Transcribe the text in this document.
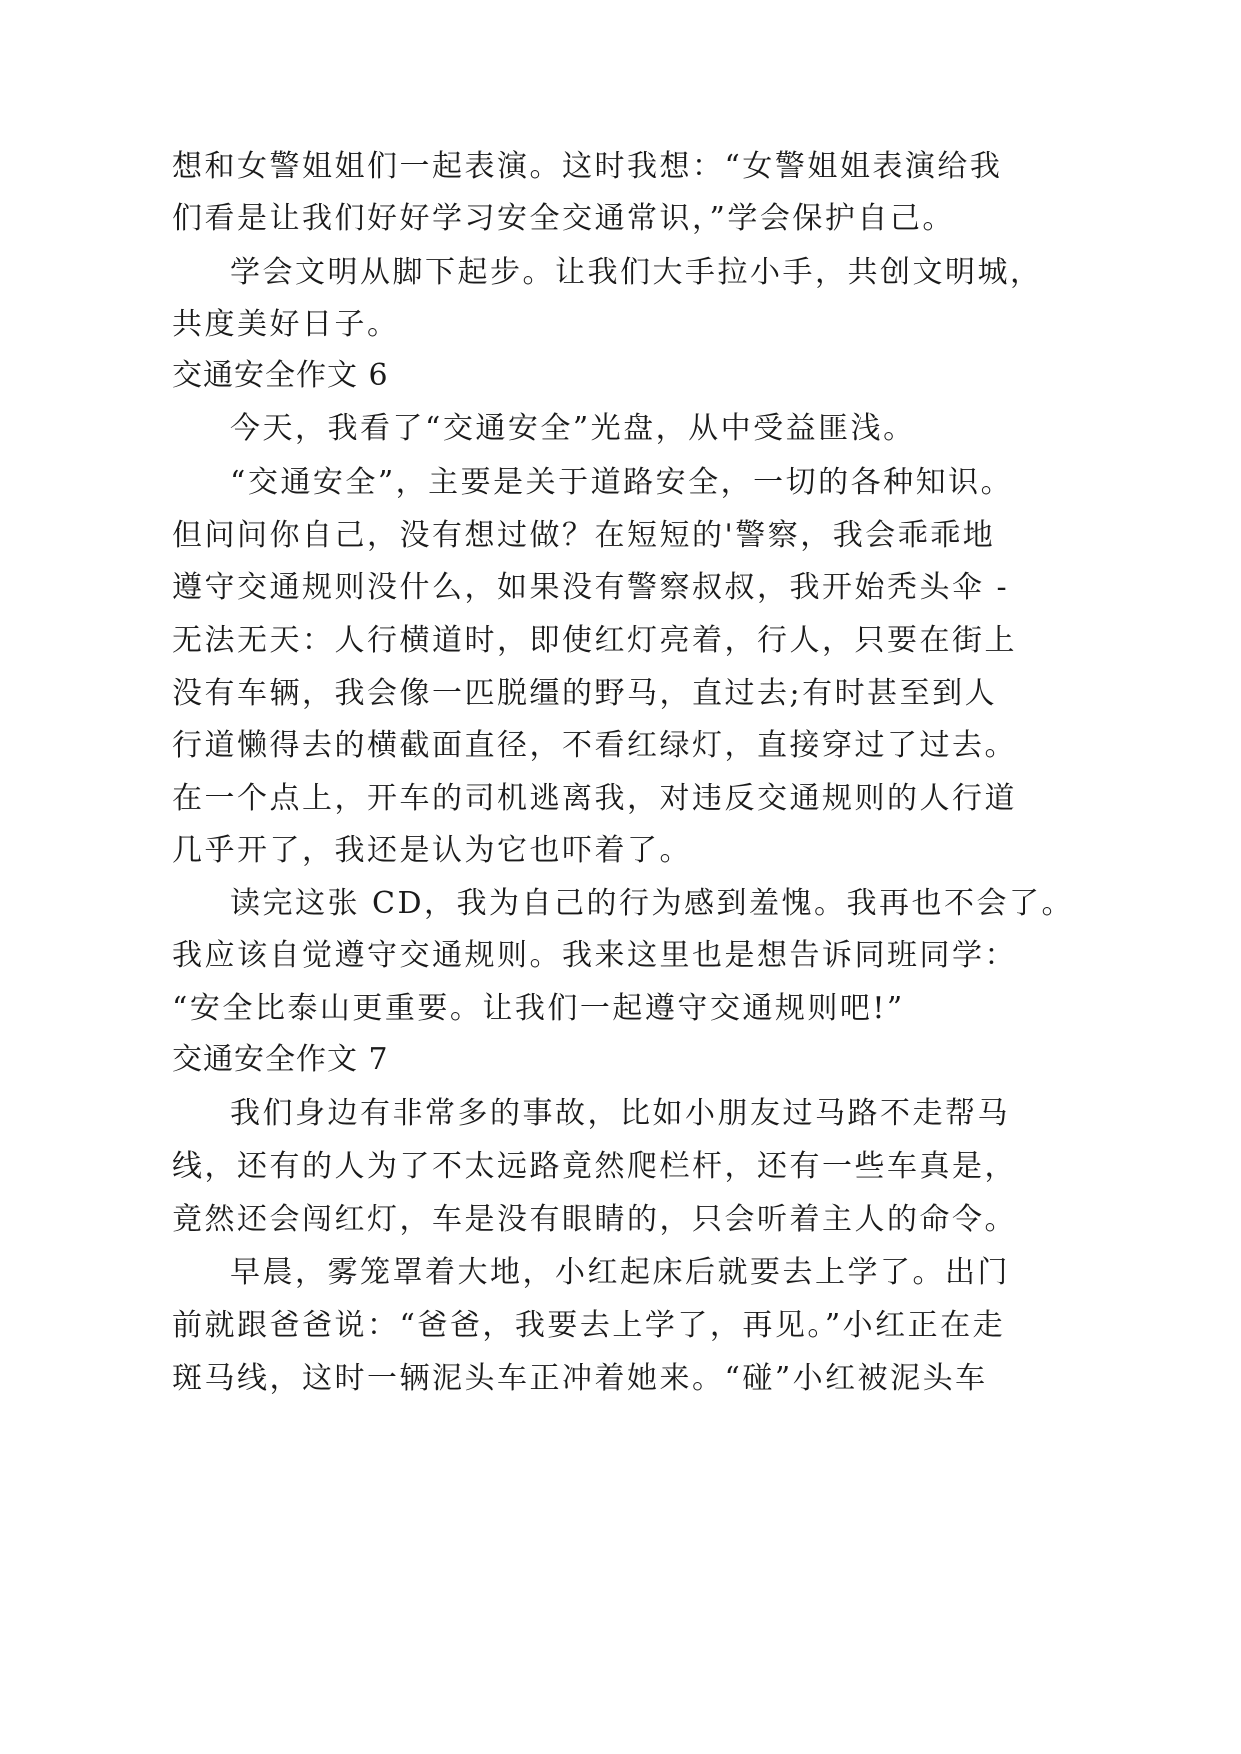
想和女警姐姐们一起表演。这时我想：“女警姐姐表演给我
们看是让我们好好学习安全交通常识，”学会保护自己。
学会文明从脚下起步。让我们大手拉小手，共创文明城，
共度美好日子。
交通安全作文 6
今天，我看了“交通安全”光盘，从中受益匪浅。
“交通安全”，主要是关于道路安全，一切的各种知识。
但问问你自己，没有想过做？在短短的'警察，我会乖乖地
遵守交通规则没什么，如果没有警察叔叔，我开始秃头伞 -
无法无天：人行横道时，即使红灯亮着，行人，只要在街上
没有车辆，我会像一匹脱缰的野马，直过去;有时甚至到人
行道懒得去的横截面直径，不看红绿灯，直接穿过了过去。
在一个点上，开车的司机逃离我，对违反交通规则的人行道
几乎开了，我还是认为它也吓着了。
读完这张 CD，我为自己的行为感到羞愧。我再也不会了。
我应该自觉遵守交通规则。我来这里也是想告诉同班同学：
“安全比泰山更重要。让我们一起遵守交通规则吧!”
交通安全作文 7
我们身边有非常多的事故，比如小朋友过马路不走帮马
线，还有的人为了不太远路竟然爬栏杆，还有一些车真是，
竟然还会闯红灯，车是没有眼睛的，只会听着主人的命令。
早晨，雾笼罩着大地，小红起床后就要去上学了。出门
前就跟爸爸说：“爸爸，我要去上学了，再见。”小红正在走
斑马线，这时一辆泥头车正冲着她来。“碰”小红被泥头车
